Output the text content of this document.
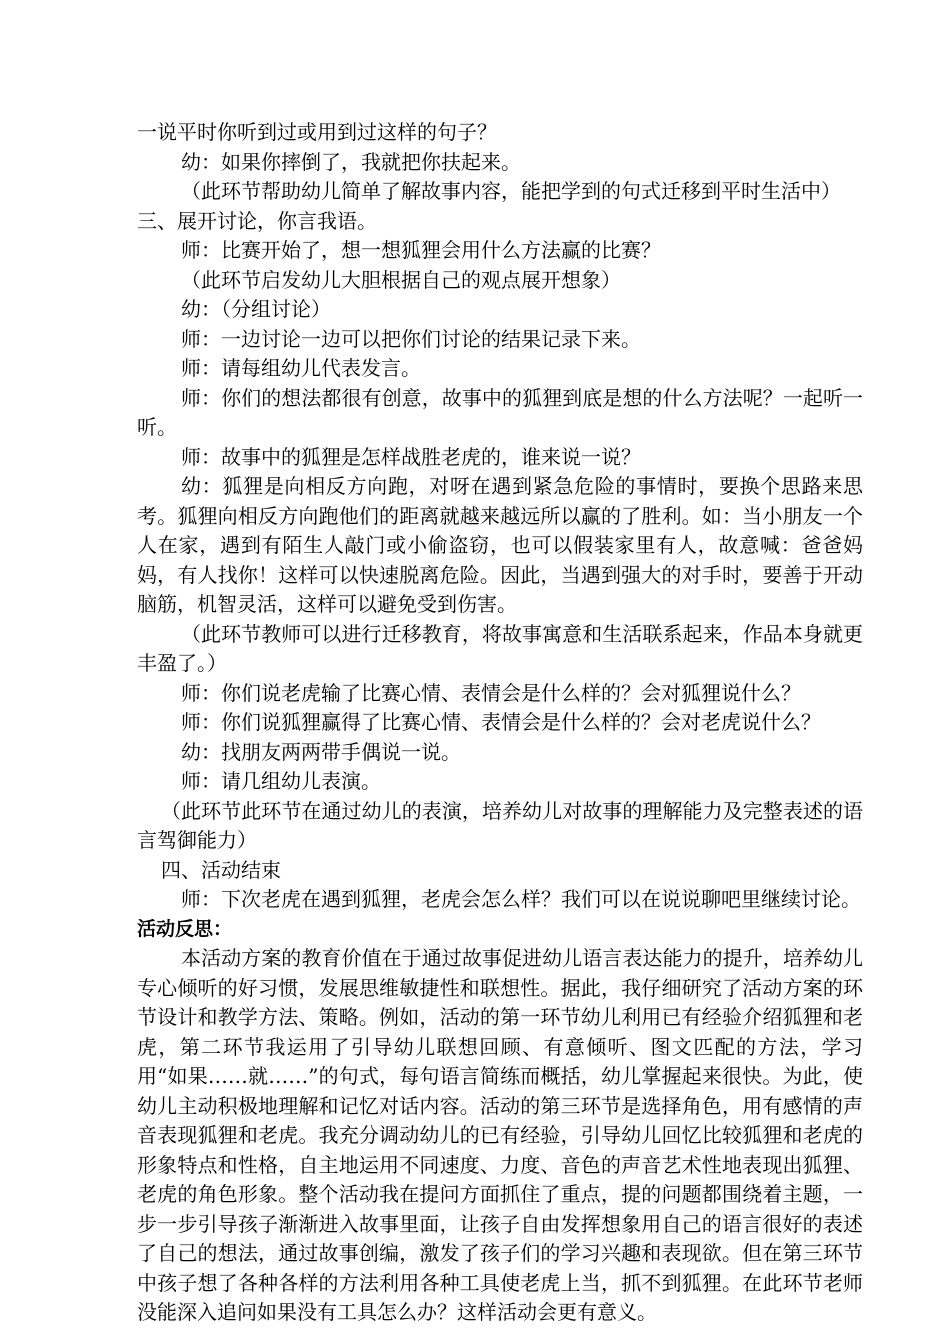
一说平时你听到过或用到过这样的句子？

幼：如果你摔倒了，我就把你扶起来。

（此环节帮助幼儿简单了解故事内容，能把学到的句式迁移到平时生活中）

三、展开讨论，你言我语。

师：比赛开始了，想一想狐狸会用什么方法赢的比赛？

（此环节启发幼儿大胆根据自己的观点展开想象）

幼：（分组讨论）

师：一边讨论一边可以把你们讨论的结果记录下来。

师：请每组幼儿代表发言。

师：你们的想法都很有创意，故事中的狐狸到底是想的什么方法呢？一起听一听。

师：故事中的狐狸是怎样战胜老虎的，谁来说一说？

幼：狐狸是向相反方向跑，对呀在遇到紧急危险的事情时，要换个思路来思考。狐狸向相反方向跑他们的距离就越来越远所以赢的了胜利。如：当小朋友一个人在家，遇到有陌生人敲门或小偷盗窃，也可以假装家里有人，故意喊：爸爸妈妈，有人找你！这样可以快速脱离危险。因此，当遇到强大的对手时，要善于开动脑筋，机智灵活，这样可以避免受到伤害。

（此环节教师可以进行迁移教育，将故事寓意和生活联系起来，作品本身就更丰盈了。）

师：你们说老虎输了比赛心情、表情会是什么样的？会对狐狸说什么？

师：你们说狐狸赢得了比赛心情、表情会是什么样的？会对老虎说什么？

幼：找朋友两两带手偶说一说。

师：请几组幼儿表演。

（此环节此环节在通过幼儿的表演，培养幼儿对故事的理解能力及完整表述的语言驾御能力）

四、活动结束

师：下次老虎在遇到狐狸，老虎会怎么样？我们可以在说说聊吧里继续讨论。

活动反思：

本活动方案的教育价值在于通过故事促进幼儿语言表达能力的提升，培养幼儿专心倾听的好习惯，发展思维敏捷性和联想性。据此，我仔细研究了活动方案的环节设计和教学方法、策略。例如，活动的第一环节幼儿利用已有经验介绍狐狸和老虎，第二环节我运用了引导幼儿联想回顾、有意倾听、图文匹配的方法，学习用“如果……就……”的句式，每句语言简练而概括，幼儿掌握起来很快。为此，使幼儿主动积极地理解和记忆对话内容。活动的第三环节是选择角色，用有感情的声音表现狐狸和老虎。我充分调动幼儿的已有经验，引导幼儿回忆比较狐狸和老虎的形象特点和性格，自主地运用不同速度、力度、音色的声音艺术性地表现出狐狸、老虎的角色形象。整个活动我在提问方面抓住了重点，提的问题都围绕着主题，一步一步引导孩子渐渐进入故事里面，让孩子自由发挥想象用自己的语言很好的表述了自己的想法，通过故事创编，激发了孩子们的学习兴趣和表现欲。但在第三环节中孩子想了各种各样的方法利用各种工具使老虎上当，抓不到狐狸。在此环节老师没能深入追问如果没有工具怎么办？这样活动会更有意义。
